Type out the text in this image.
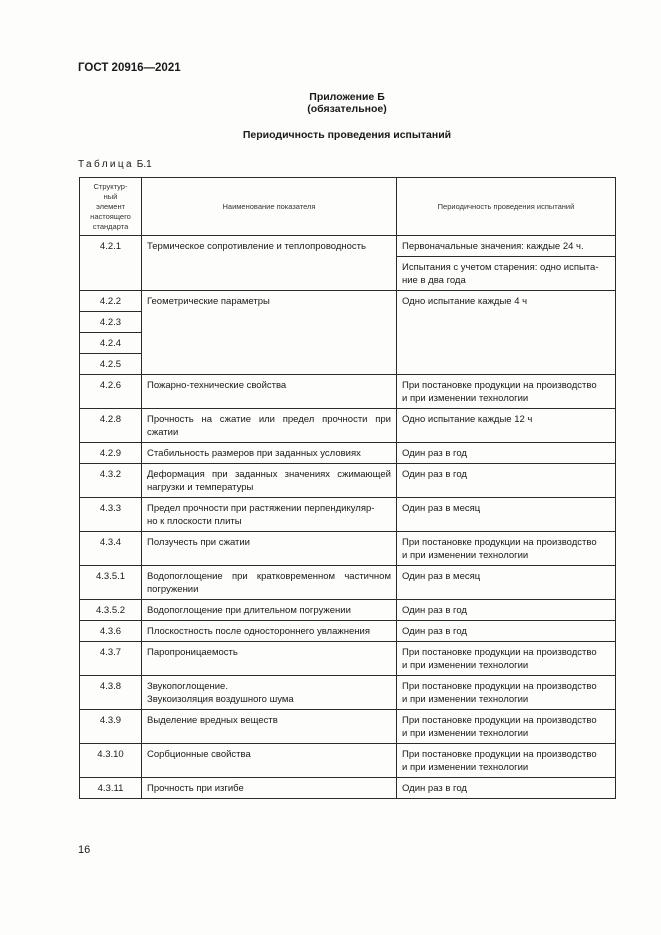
ГОСТ 20916—2021
Приложение Б
(обязательное)
Периодичность проведения испытаний
Таблица Б.1
Структур-
ный
элемент
настоящего
стандарта	Наименование показателя	Периодичность проведения испытаний
4.2.1	Термическое сопротивление и теплопроводность	Первоначальные значения: каждые 24 ч.
		Испытания с учетом старения: одно испыта-
ние в два года
4.2.2	Геометрические параметры	Одно испытание каждые 4 ч
4.2.3		
4.2.4		
4.2.5		
4.2.6	Пожарно-технические свойства	При постановке продукции на производство
и при изменении технологии
4.2.8	Прочность на сжатие или предел прочности при сжатии	Одно испытание каждые 12 ч
4.2.9	Стабильность размеров при заданных условиях	Один раз в год
4.3.2	Деформация при заданных значениях сжимающей нагрузки и температуры	Один раз в год
4.3.3	Предел прочности при растяжении перпендикуляр-
но к плоскости плиты	Один раз в месяц
4.3.4	Ползучесть при сжатии	При постановке продукции на производство
и при изменении технологии
4.3.5.1	Водопоглощение при кратковременном частичном погружении	Один раз в месяц
4.3.5.2	Водопоглощение при длительном погружении	Один раз в год
4.3.6	Плоскостность после одностороннего увлажнения	Один раз в год
4.3.7	Паропроницаемость	При постановке продукции на производство
и при изменении технологии
4.3.8	Звукопоглощение.
Звукоизоляция воздушного шума	При постановке продукции на производство
и при изменении технологии
4.3.9	Выделение вредных веществ	При постановке продукции на производство
и при изменении технологии
4.3.10	Сорбционные свойства	При постановке продукции на производство
и при изменении технологии
4.3.11	Прочность при изгибе	Один раз в год
16
